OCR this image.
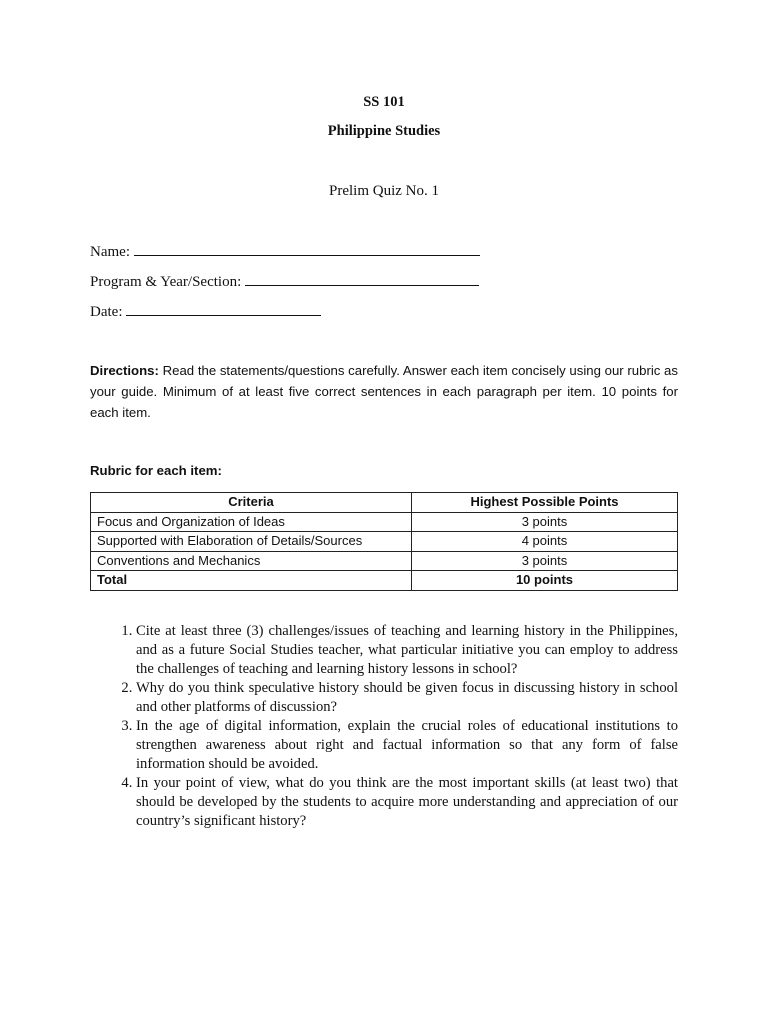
SS 101
Philippine Studies
Prelim Quiz No. 1
Name:
Program & Year/Section:
Date:
Directions: Read the statements/questions carefully. Answer each item concisely using our rubric as your guide. Minimum of at least five correct sentences in each paragraph per item. 10 points for each item.
Rubric for each item:
Criteria	Highest Possible Points
Focus and Organization of Ideas	3 points
Supported with Elaboration of Details/Sources	4 points
Conventions and Mechanics	3 points
Total	10 points
1. Cite at least three (3) challenges/issues of teaching and learning history in the Philippines, and as a future Social Studies teacher, what particular initiative you can employ to address the challenges of teaching and learning history lessons in school?
2. Why do you think speculative history should be given focus in discussing history in school and other platforms of discussion?
3. In the age of digital information, explain the crucial roles of educational institutions to strengthen awareness about right and factual information so that any form of false information should be avoided.
4. In your point of view, what do you think are the most important skills (at least two) that should be developed by the students to acquire more understanding and appreciation of our country’s significant history?
